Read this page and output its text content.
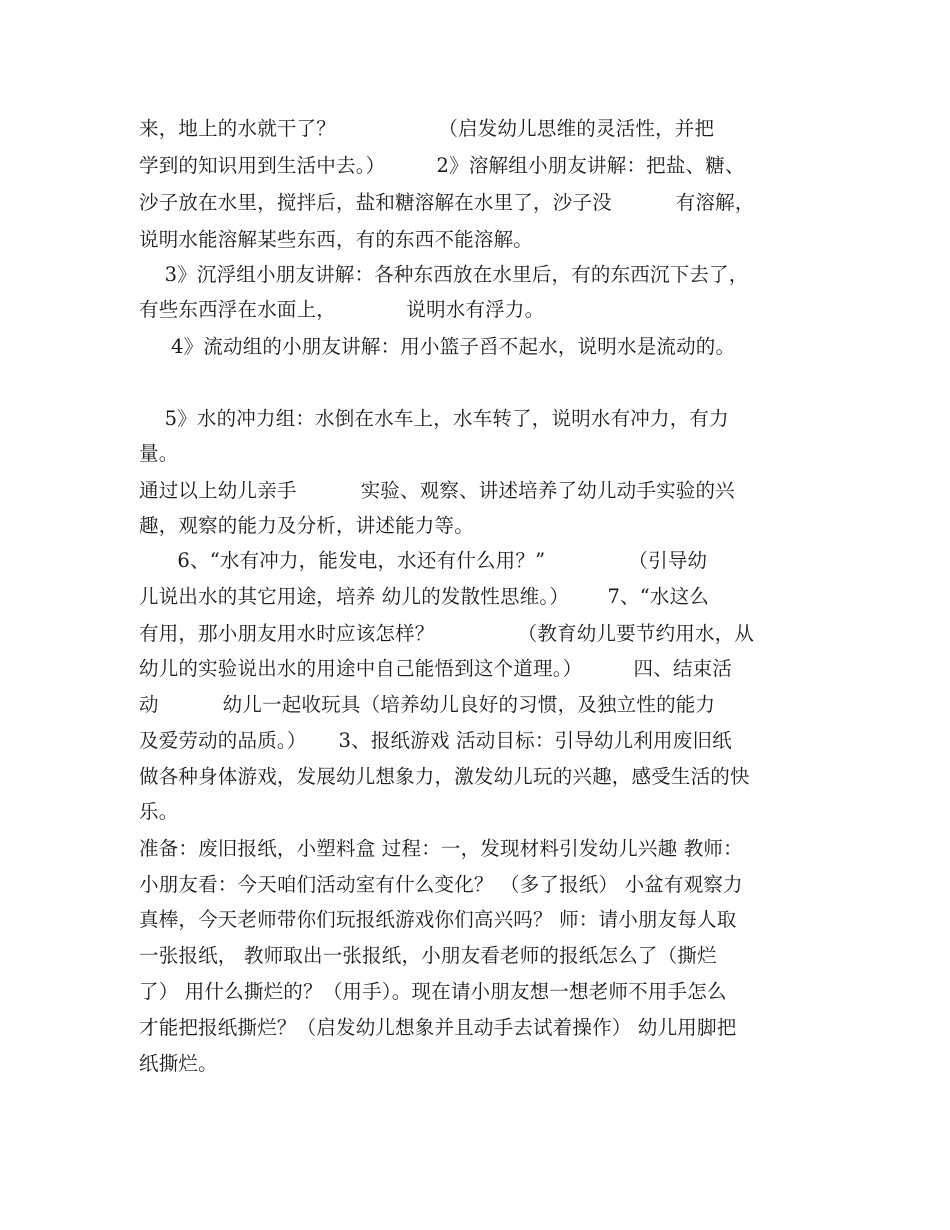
来，地上的水就干了？                （启发幼儿思维的灵活性，并把
学到的知识用到生活中去。）        2》溶解组小朋友讲解：把盐、糖、
沙子放在水里，搅拌后，盐和糖溶解在水里了，沙子没          有溶解，
说明水能溶解某些东西，有的东西不能溶解。
3》沉浮组小朋友讲解：各种东西放在水里后，有的东西沉下去了，
有些东西浮在水面上，           说明水有浮力。
4》流动组的小朋友讲解：用小篮子舀不起水，说明水是流动的。
5》水的冲力组：水倒在水车上，水车转了，说明水有冲力，有力
量。
通过以上幼儿亲手          实验、观察、讲述培养了幼儿动手实验的兴
趣，观察的能力及分析，讲述能力等。
6、“水有冲力，能发电，水还有什么用？”             （引导幼
儿说出水的其它用途，培养 幼儿的发散性思维。）      7、“水这么
有用，那小朋友用水时应该怎样？             （教育幼儿要节约用水，从
幼儿的实验说出水的用途中自己能悟到这个道理。）        四、结束活
动          幼儿一起收玩具（培养幼儿良好的习惯，及独立性的能力
及爱劳动的品质。）     3、报纸游戏 活动目标：引导幼儿利用废旧纸
做各种身体游戏，发展幼儿想象力，激发幼儿玩的兴趣，感受生活的快
乐。
准备：废旧报纸，小塑料盒 过程：一，发现材料引发幼儿兴趣 教师：
小朋友看：今天咱们活动室有什么变化？ （多了报纸） 小盆有观察力
真棒，今天老师带你们玩报纸游戏你们高兴吗？ 师：请小朋友每人取
一张报纸， 教师取出一张报纸，小朋友看老师的报纸怎么了（撕烂
了） 用什么撕烂的？（用手）。现在请小朋友想一想老师不用手怎么
才能把报纸撕烂？（启发幼儿想象并且动手去试着操作） 幼儿用脚把
纸撕烂。
